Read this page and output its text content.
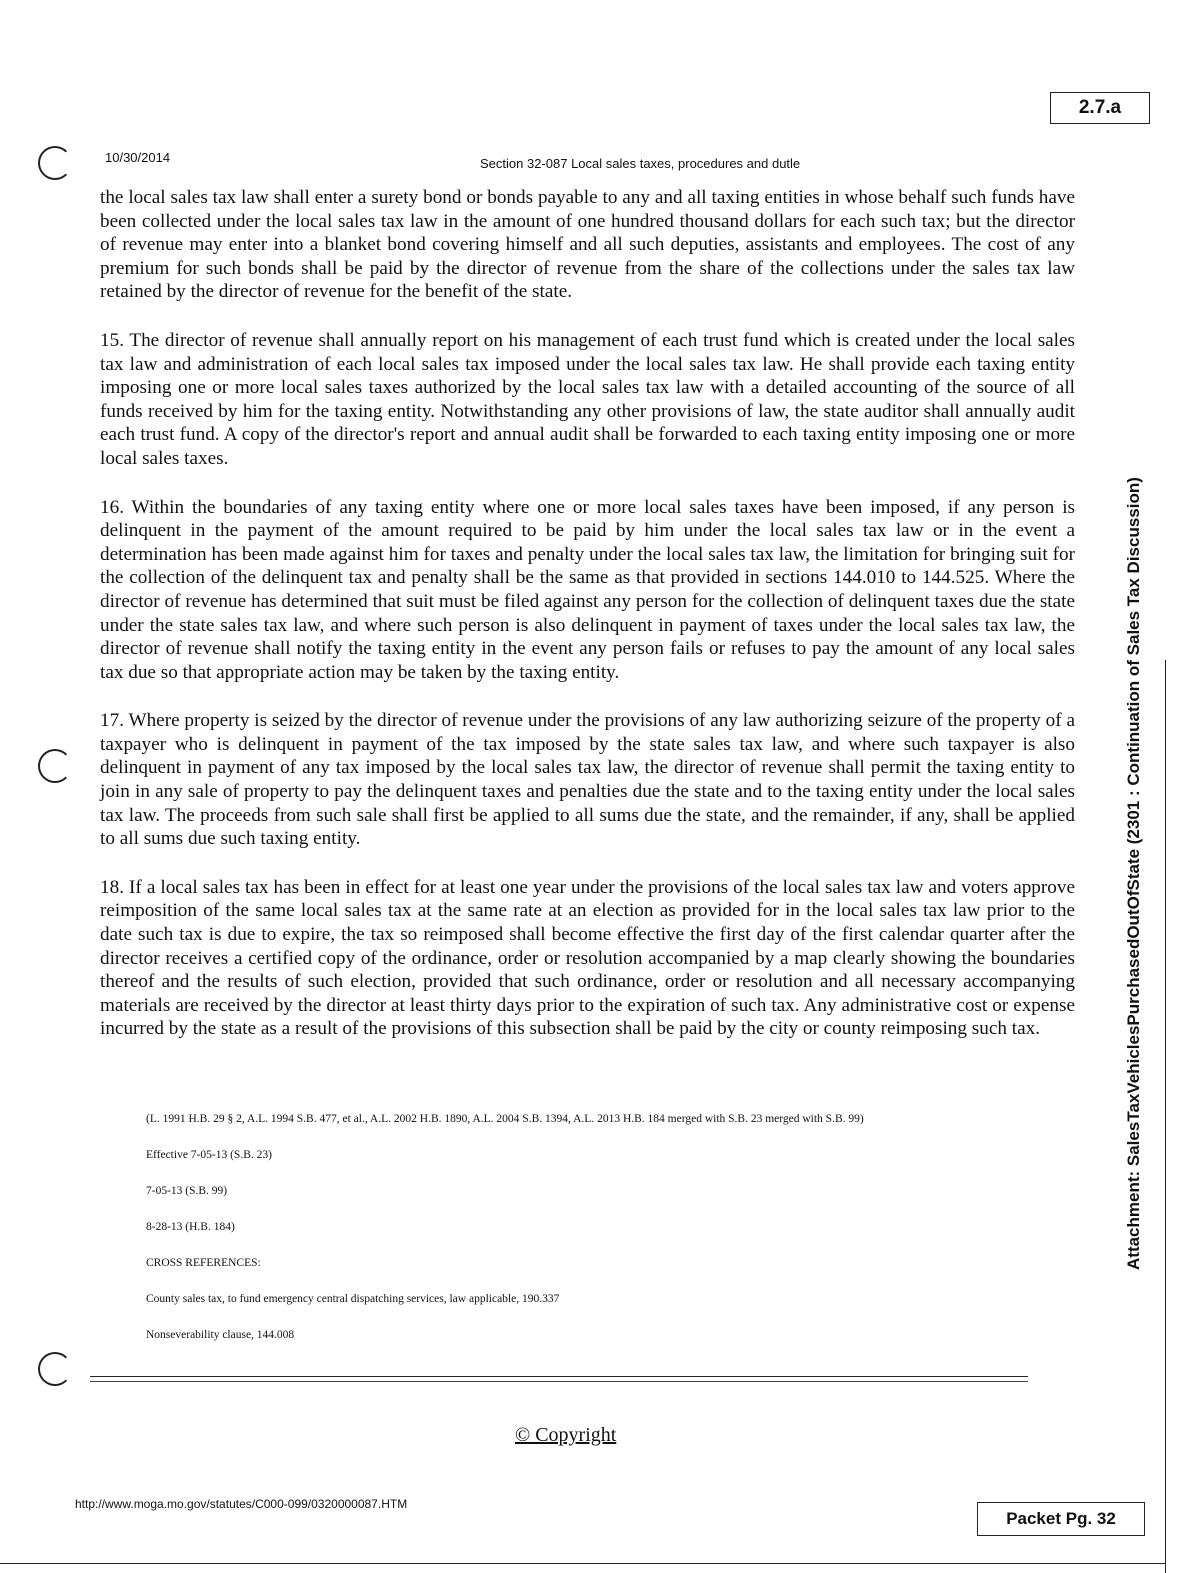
2.7.a
10/30/2014	Section 32-087 Local sales taxes, procedures and dutle

the local sales tax law shall enter a surety bond or bonds payable to any and all taxing entities in whose behalf such funds have been collected under the local sales tax law in the amount of one hundred thousand dollars for each such tax; but the director of revenue may enter into a blanket bond covering himself and all such deputies, assistants and employees. The cost of any premium for such bonds shall be paid by the director of revenue from the share of the collections under the sales tax law retained by the director of revenue for the benefit of the state.

15. The director of revenue shall annually report on his management of each trust fund which is created under the local sales tax law and administration of each local sales tax imposed under the local sales tax law. He shall provide each taxing entity imposing one or more local sales taxes authorized by the local sales tax law with a detailed accounting of the source of all funds received by him for the taxing entity. Notwithstanding any other provisions of law, the state auditor shall annually audit each trust fund. A copy of the director's report and annual audit shall be forwarded to each taxing entity imposing one or more local sales taxes.

16. Within the boundaries of any taxing entity where one or more local sales taxes have been imposed, if any person is delinquent in the payment of the amount required to be paid by him under the local sales tax law or in the event a determination has been made against him for taxes and penalty under the local sales tax law, the limitation for bringing suit for the collection of the delinquent tax and penalty shall be the same as that provided in sections 144.010 to 144.525. Where the director of revenue has determined that suit must be filed against any person for the collection of delinquent taxes due the state under the state sales tax law, and where such person is also delinquent in payment of taxes under the local sales tax law, the director of revenue shall notify the taxing entity in the event any person fails or refuses to pay the amount of any local sales tax due so that appropriate action may be taken by the taxing entity.

17. Where property is seized by the director of revenue under the provisions of any law authorizing seizure of the property of a taxpayer who is delinquent in payment of the tax imposed by the state sales tax law, and where such taxpayer is also delinquent in payment of any tax imposed by the local sales tax law, the director of revenue shall permit the taxing entity to join in any sale of property to pay the delinquent taxes and penalties due the state and to the taxing entity under the local sales tax law. The proceeds from such sale shall first be applied to all sums due the state, and the remainder, if any, shall be applied to all sums due such taxing entity.

18. If a local sales tax has been in effect for at least one year under the provisions of the local sales tax law and voters approve reimposition of the same local sales tax at the same rate at an election as provided for in the local sales tax law prior to the date such tax is due to expire, the tax so reimposed shall become effective the first day of the first calendar quarter after the director receives a certified copy of the ordinance, order or resolution accompanied by a map clearly showing the boundaries thereof and the results of such election, provided that such ordinance, order or resolution and all necessary accompanying materials are received by the director at least thirty days prior to the expiration of such tax. Any administrative cost or expense incurred by the state as a result of the provisions of this subsection shall be paid by the city or county reimposing such tax.

(L. 1991 H.B. 29 § 2, A.L. 1994 S.B. 477, et al., A.L. 2002 H.B. 1890, A.L. 2004 S.B. 1394, A.L. 2013 H.B. 184 merged with S.B. 23 merged with S.B. 99)

Effective 7-05-13 (S.B. 23)

7-05-13 (S.B. 99)

8-28-13 (H.B. 184)

CROSS REFERENCES:

County sales tax, to fund emergency central dispatching services, law applicable, 190.337

Nonseverability clause, 144.008

© Copyright
http://www.moga.mo.gov/statutes/C000-099/0320000087.HTM
Packet Pg. 32
Attachment: SalesTaxVehiclesPurchasedOutOfState (2301 : Continuation of Sales Tax Discussion)
